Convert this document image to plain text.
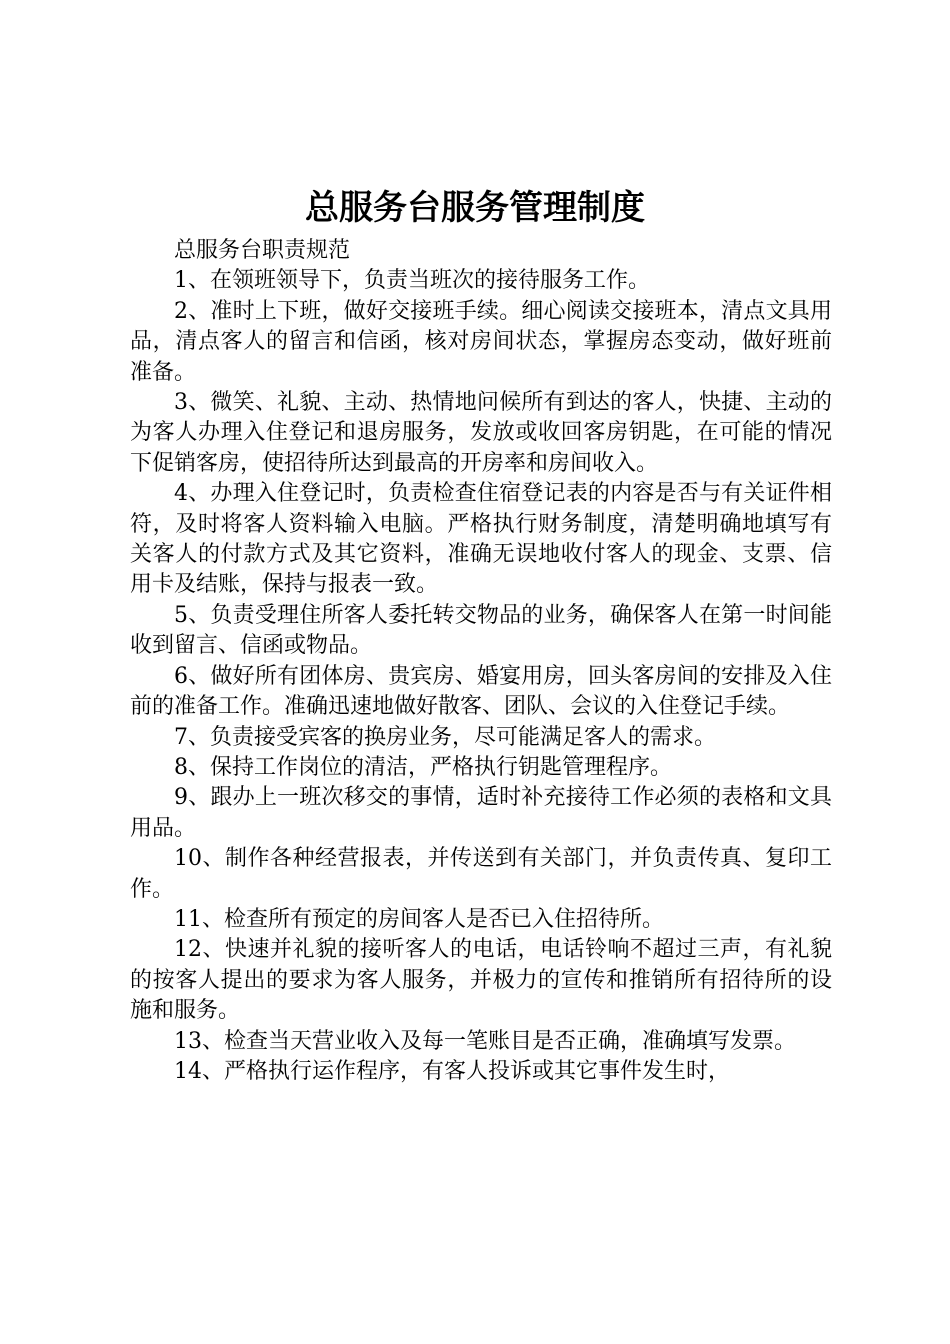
总服务台服务管理制度

总服务台职责规范

1、在领班领导下，负责当班次的接待服务工作。

2、准时上下班，做好交接班手续。细心阅读交接班本，清点文具用品，清点客人的留言和信函，核对房间状态，掌握房态变动，做好班前准备。

3、微笑、礼貌、主动、热情地问候所有到达的客人，快捷、主动的为客人办理入住登记和退房服务，发放或收回客房钥匙，在可能的情况下促销客房，使招待所达到最高的开房率和房间收入。

4、办理入住登记时，负责检查住宿登记表的内容是否与有关证件相符，及时将客人资料输入电脑。严格执行财务制度，清楚明确地填写有关客人的付款方式及其它资料，准确无误地收付客人的现金、支票、信用卡及结账，保持与报表一致。

5、负责受理住所客人委托转交物品的业务，确保客人在第一时间能收到留言、信函或物品。

6、做好所有团体房、贵宾房、婚宴用房，回头客房间的安排及入住前的准备工作。准确迅速地做好散客、团队、会议的入住登记手续。

7、负责接受宾客的换房业务，尽可能满足客人的需求。

8、保持工作岗位的清洁，严格执行钥匙管理程序。

9、跟办上一班次移交的事情，适时补充接待工作必须的表格和文具用品。

10、制作各种经营报表，并传送到有关部门，并负责传真、复印工作。

11、检查所有预定的房间客人是否已入住招待所。

12、快速并礼貌的接听客人的电话，电话铃响不超过三声，有礼貌的按客人提出的要求为客人服务，并极力的宣传和推销所有招待所的设施和服务。

13、检查当天营业收入及每一笔账目是否正确，准确填写发票。

14、严格执行运作程序，有客人投诉或其它事件发生时，
